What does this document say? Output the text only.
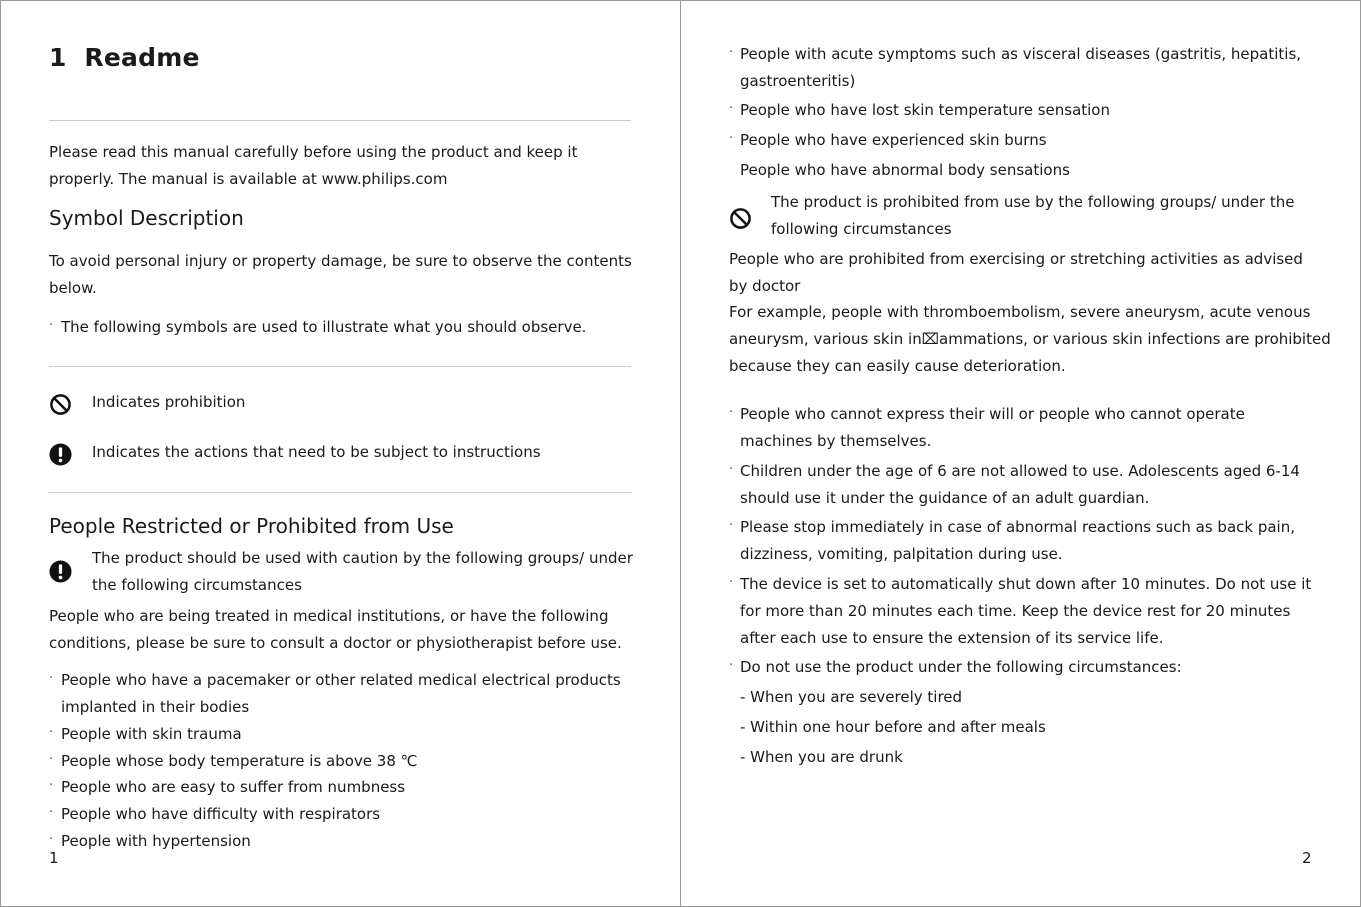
1 Readme
Please read this manual carefully before using the product and keep it
properly. The manual is available at www.philips.com
Symbol Description
To avoid personal injury or property damage, be sure to observe the contents
below.
· The following symbols are used to illustrate what you should observe.
Indicates prohibition
Indicates the actions that need to be subject to instructions
People Restricted or Prohibited from Use
The product should be used with caution by the following groups/ under
the following circumstances
People who are being treated in medical institutions, or have the following
conditions, please be sure to consult a doctor or physiotherapist before use.
· People who have a pacemaker or other related medical electrical products
implanted in their bodies
· People with skin trauma
· People whose body temperature is above 38 ℃
· People who are easy to suffer from numbness
· People who have difficulty with respirators
· People with hypertension
1
· People with acute symptoms such as visceral diseases (gastritis, hepatitis,
gastroenteritis)
· People who have lost skin temperature sensation
· People who have experienced skin burns
People who have abnormal body sensations
The product is prohibited from use by the following groups/ under the
following circumstances
People who are prohibited from exercising or stretching activities as advised
by doctor
For example, people with thromboembolism, severe aneurysm, acute venous
aneurysm, various skin in⌧ammations, or various skin infections are prohibited
because they can easily cause deterioration.
· People who cannot express their will or people who cannot operate
machines by themselves.
· Children under the age of 6 are not allowed to use. Adolescents aged 6-14
should use it under the guidance of an adult guardian.
· Please stop immediately in case of abnormal reactions such as back pain,
dizziness, vomiting, palpitation during use.
· The device is set to automatically shut down after 10 minutes. Do not use it
for more than 20 minutes each time. Keep the device rest for 20 minutes
after each use to ensure the extension of its service life.
· Do not use the product under the following circumstances:
- When you are severely tired
- Within one hour before and after meals
- When you are drunk
2
